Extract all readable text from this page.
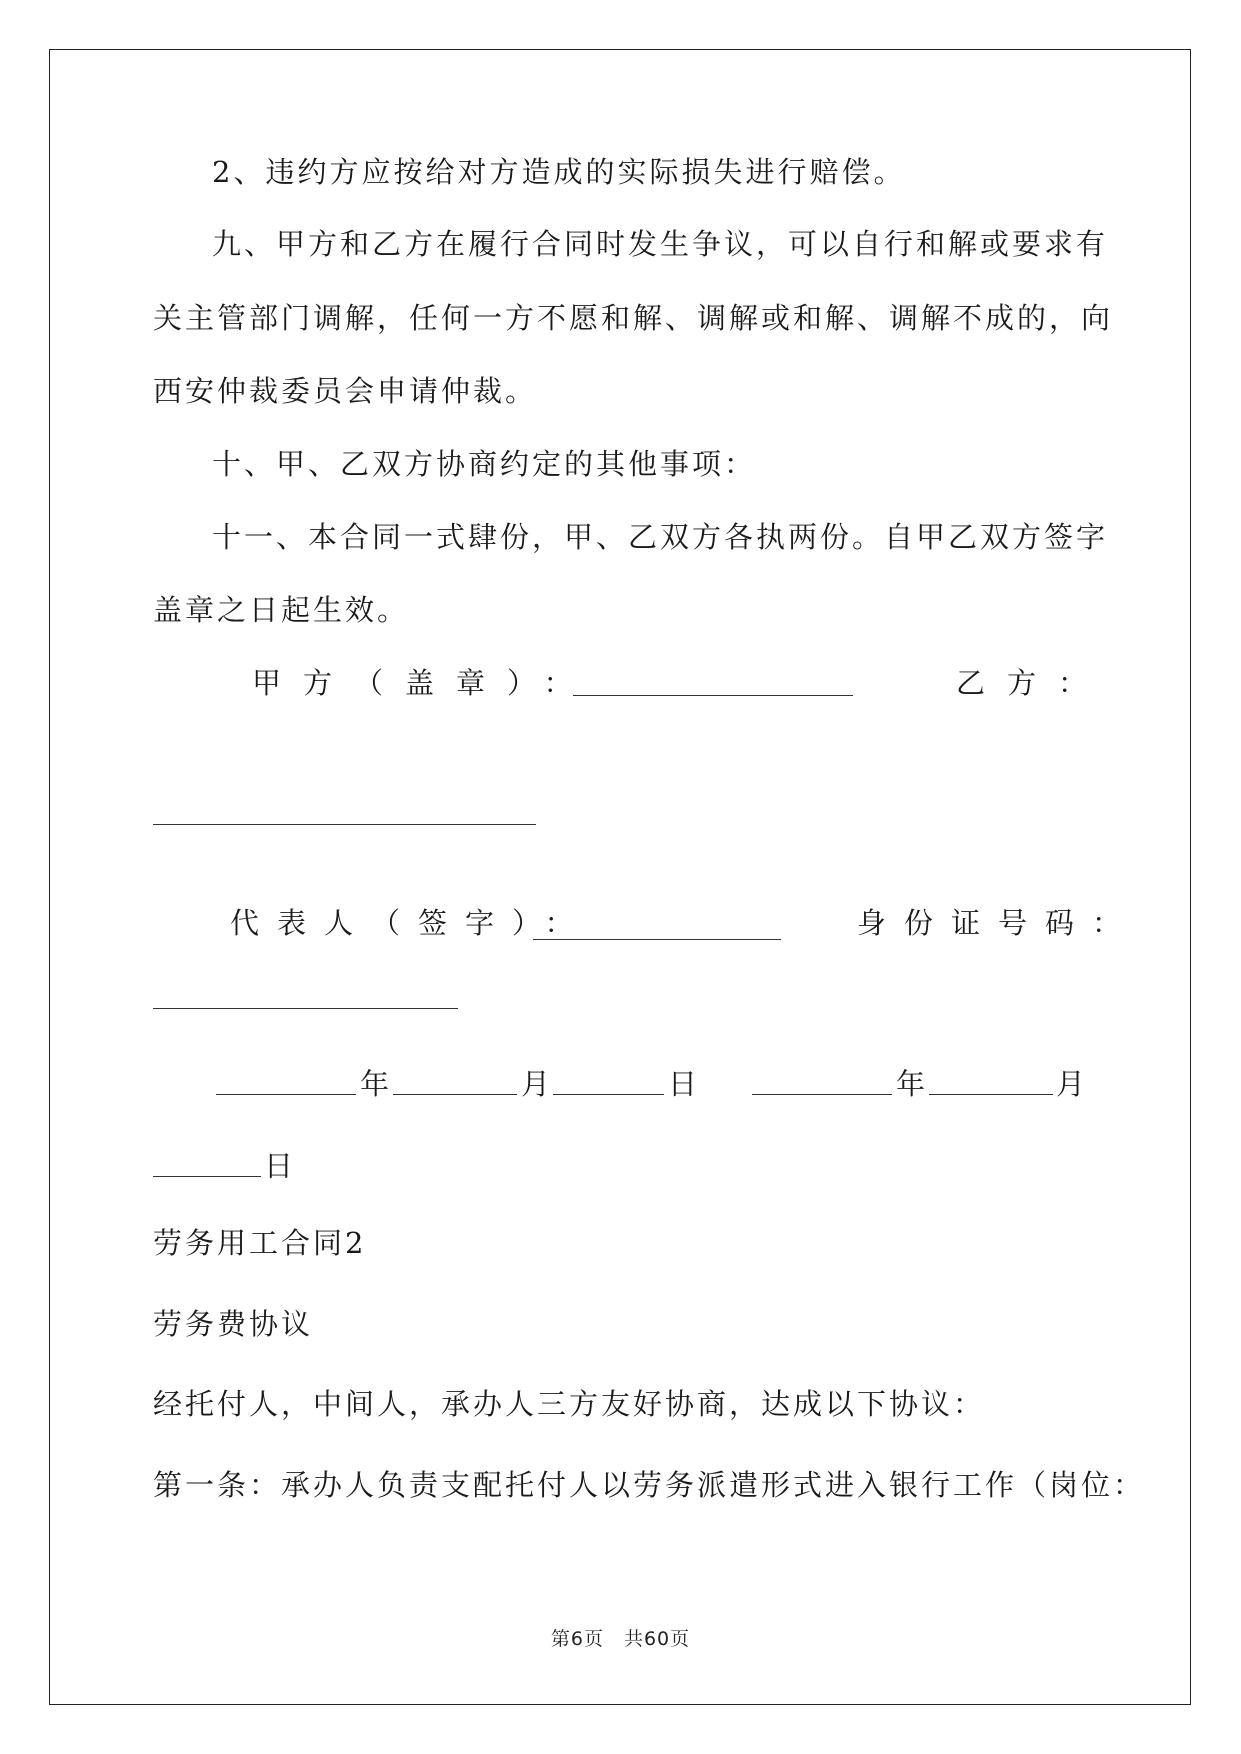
2、违约方应按给对方造成的实际损失进行赔偿。

九、甲方和乙方在履行合同时发生争议，可以自行和解或要求有

关主管部门调解，任何一方不愿和解、调解或和解、调解不成的，向

西安仲裁委员会申请仲裁。

十、甲、乙双方协商约定的其他事项：

十一、本合同一式肆份，甲、乙双方各执两份。自甲乙双方签字

盖章之日起生效。

甲方（盖章）：	乙方：

代表人（签字）：	身份证号码：

年	月	日	年	月
日

劳务用工合同2

劳务费协议

经托付人，中间人，承办人三方友好协商，达成以下协议：

第一条：承办人负责支配托付人以劳务派遣形式进入银行工作（岗位：

第6页　共60页
